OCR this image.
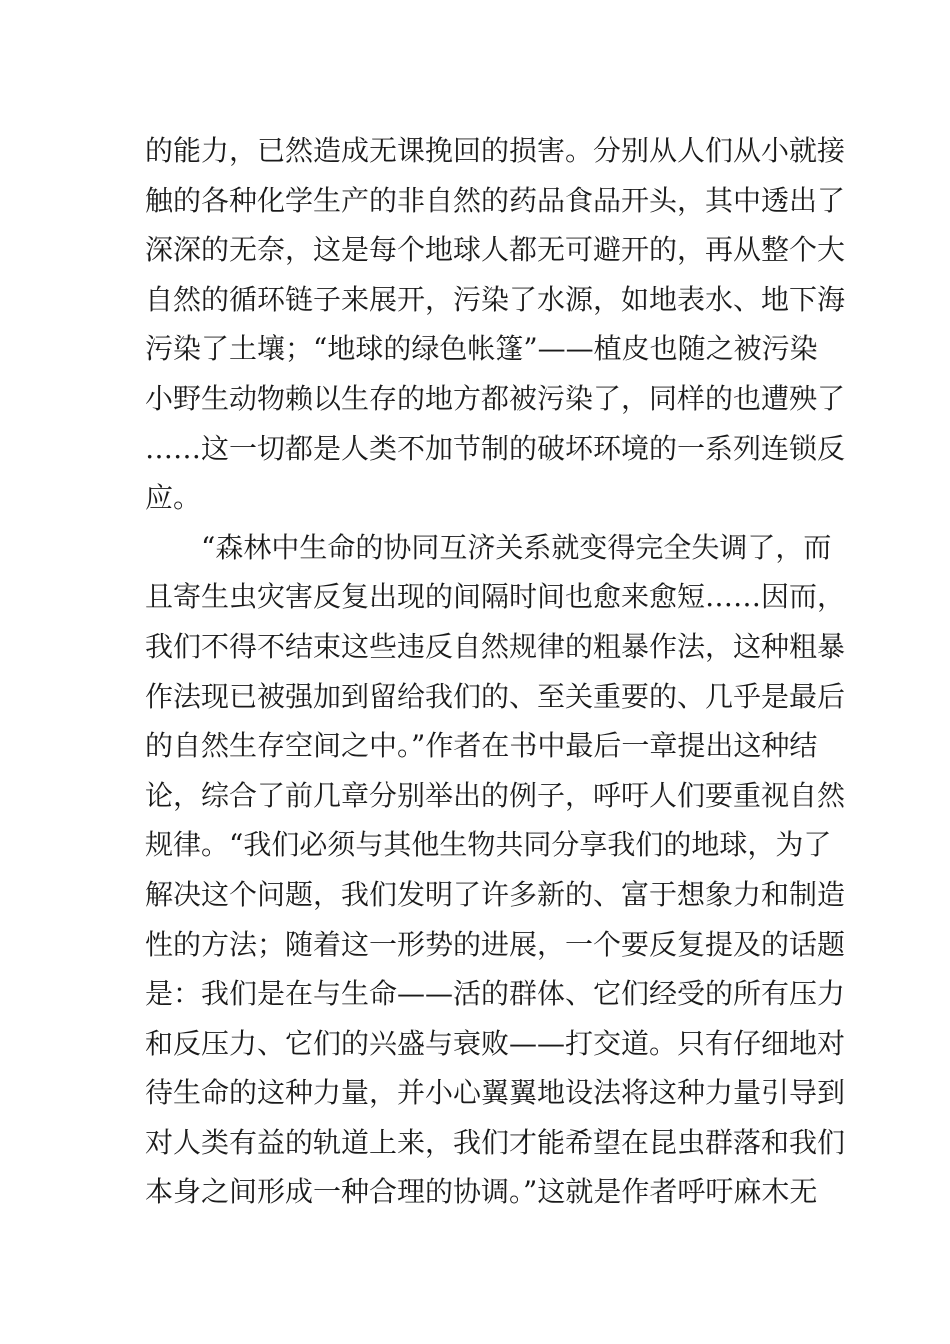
的能力，已然造成无课挽回的损害。分别从人们从小就接
触的各种化学生产的非自然的药品食品开头，其中透出了
深深的无奈，这是每个地球人都无可避开的，再从整个大
自然的循环链子来展开，污染了水源，如地表水、地下海
污染了土壤；“地球的绿色帐篷”——植皮也随之被污染
小野生动物赖以生存的地方都被污染了，同样的也遭殃了
……这一切都是人类不加节制的破坏环境的一系列连锁反
应。
“森林中生命的协同互济关系就变得完全失调了，而
且寄生虫灾害反复出现的间隔时间也愈来愈短……因而，
我们不得不结束这些违反自然规律的粗暴作法，这种粗暴
作法现已被强加到留给我们的、至关重要的、几乎是最后
的自然生存空间之中。”作者在书中最后一章提出这种结
论，综合了前几章分别举出的例子，呼吁人们要重视自然
规律。“我们必须与其他生物共同分享我们的地球，为了
解决这个问题，我们发明了许多新的、富于想象力和制造
性的方法；随着这一形势的进展，一个要反复提及的话题
是：我们是在与生命——活的群体、它们经受的所有压力
和反压力、它们的兴盛与衰败——打交道。只有仔细地对
待生命的这种力量，并小心翼翼地设法将这种力量引导到
对人类有益的轨道上来，我们才能希望在昆虫群落和我们
本身之间形成一种合理的协调。”这就是作者呼吁麻木无
